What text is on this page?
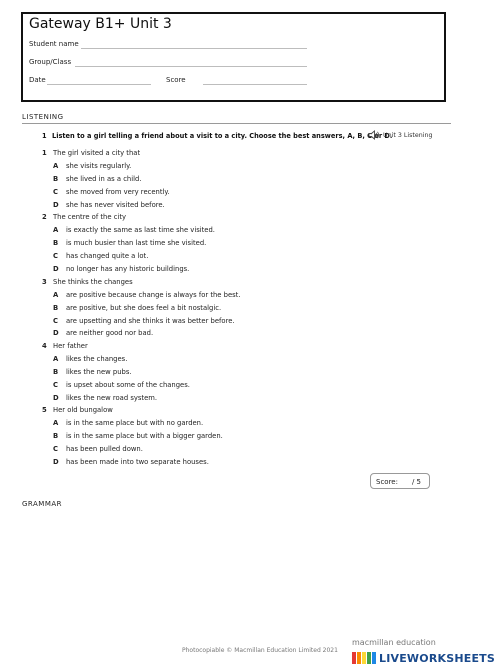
Gateway B1+ Unit 3
Student name
Group/Class
Date	Score
LISTENING
1 Listen to a girl telling a friend about a visit to a city. Choose the best answers, A, B, C or D.
Unit 3 Listening
1 The girl visited a city that
A she visits regularly.
B she lived in as a child.
C she moved from very recently.
D she has never visited before.
2 The centre of the city
A is exactly the same as last time she visited.
B is much busier than last time she visited.
C has changed quite a lot.
D no longer has any historic buildings.
3 She thinks the changes
A are positive because change is always for the best.
B are positive, but she does feel a bit nostalgic.
C are upsetting and she thinks it was better before.
D are neither good nor bad.
4 Her father
A likes the changes.
B likes the new pubs.
C is upset about some of the changes.
D likes the new road system.
5 Her old bungalow
A is in the same place but with no garden.
B is in the same place but with a bigger garden.
C has been pulled down.
D has been made into two separate houses.
Score: / 5
GRAMMAR
Photocopiable © Macmillan Education Limited 2021
macmillan education
LIVEWORKSHEETS
